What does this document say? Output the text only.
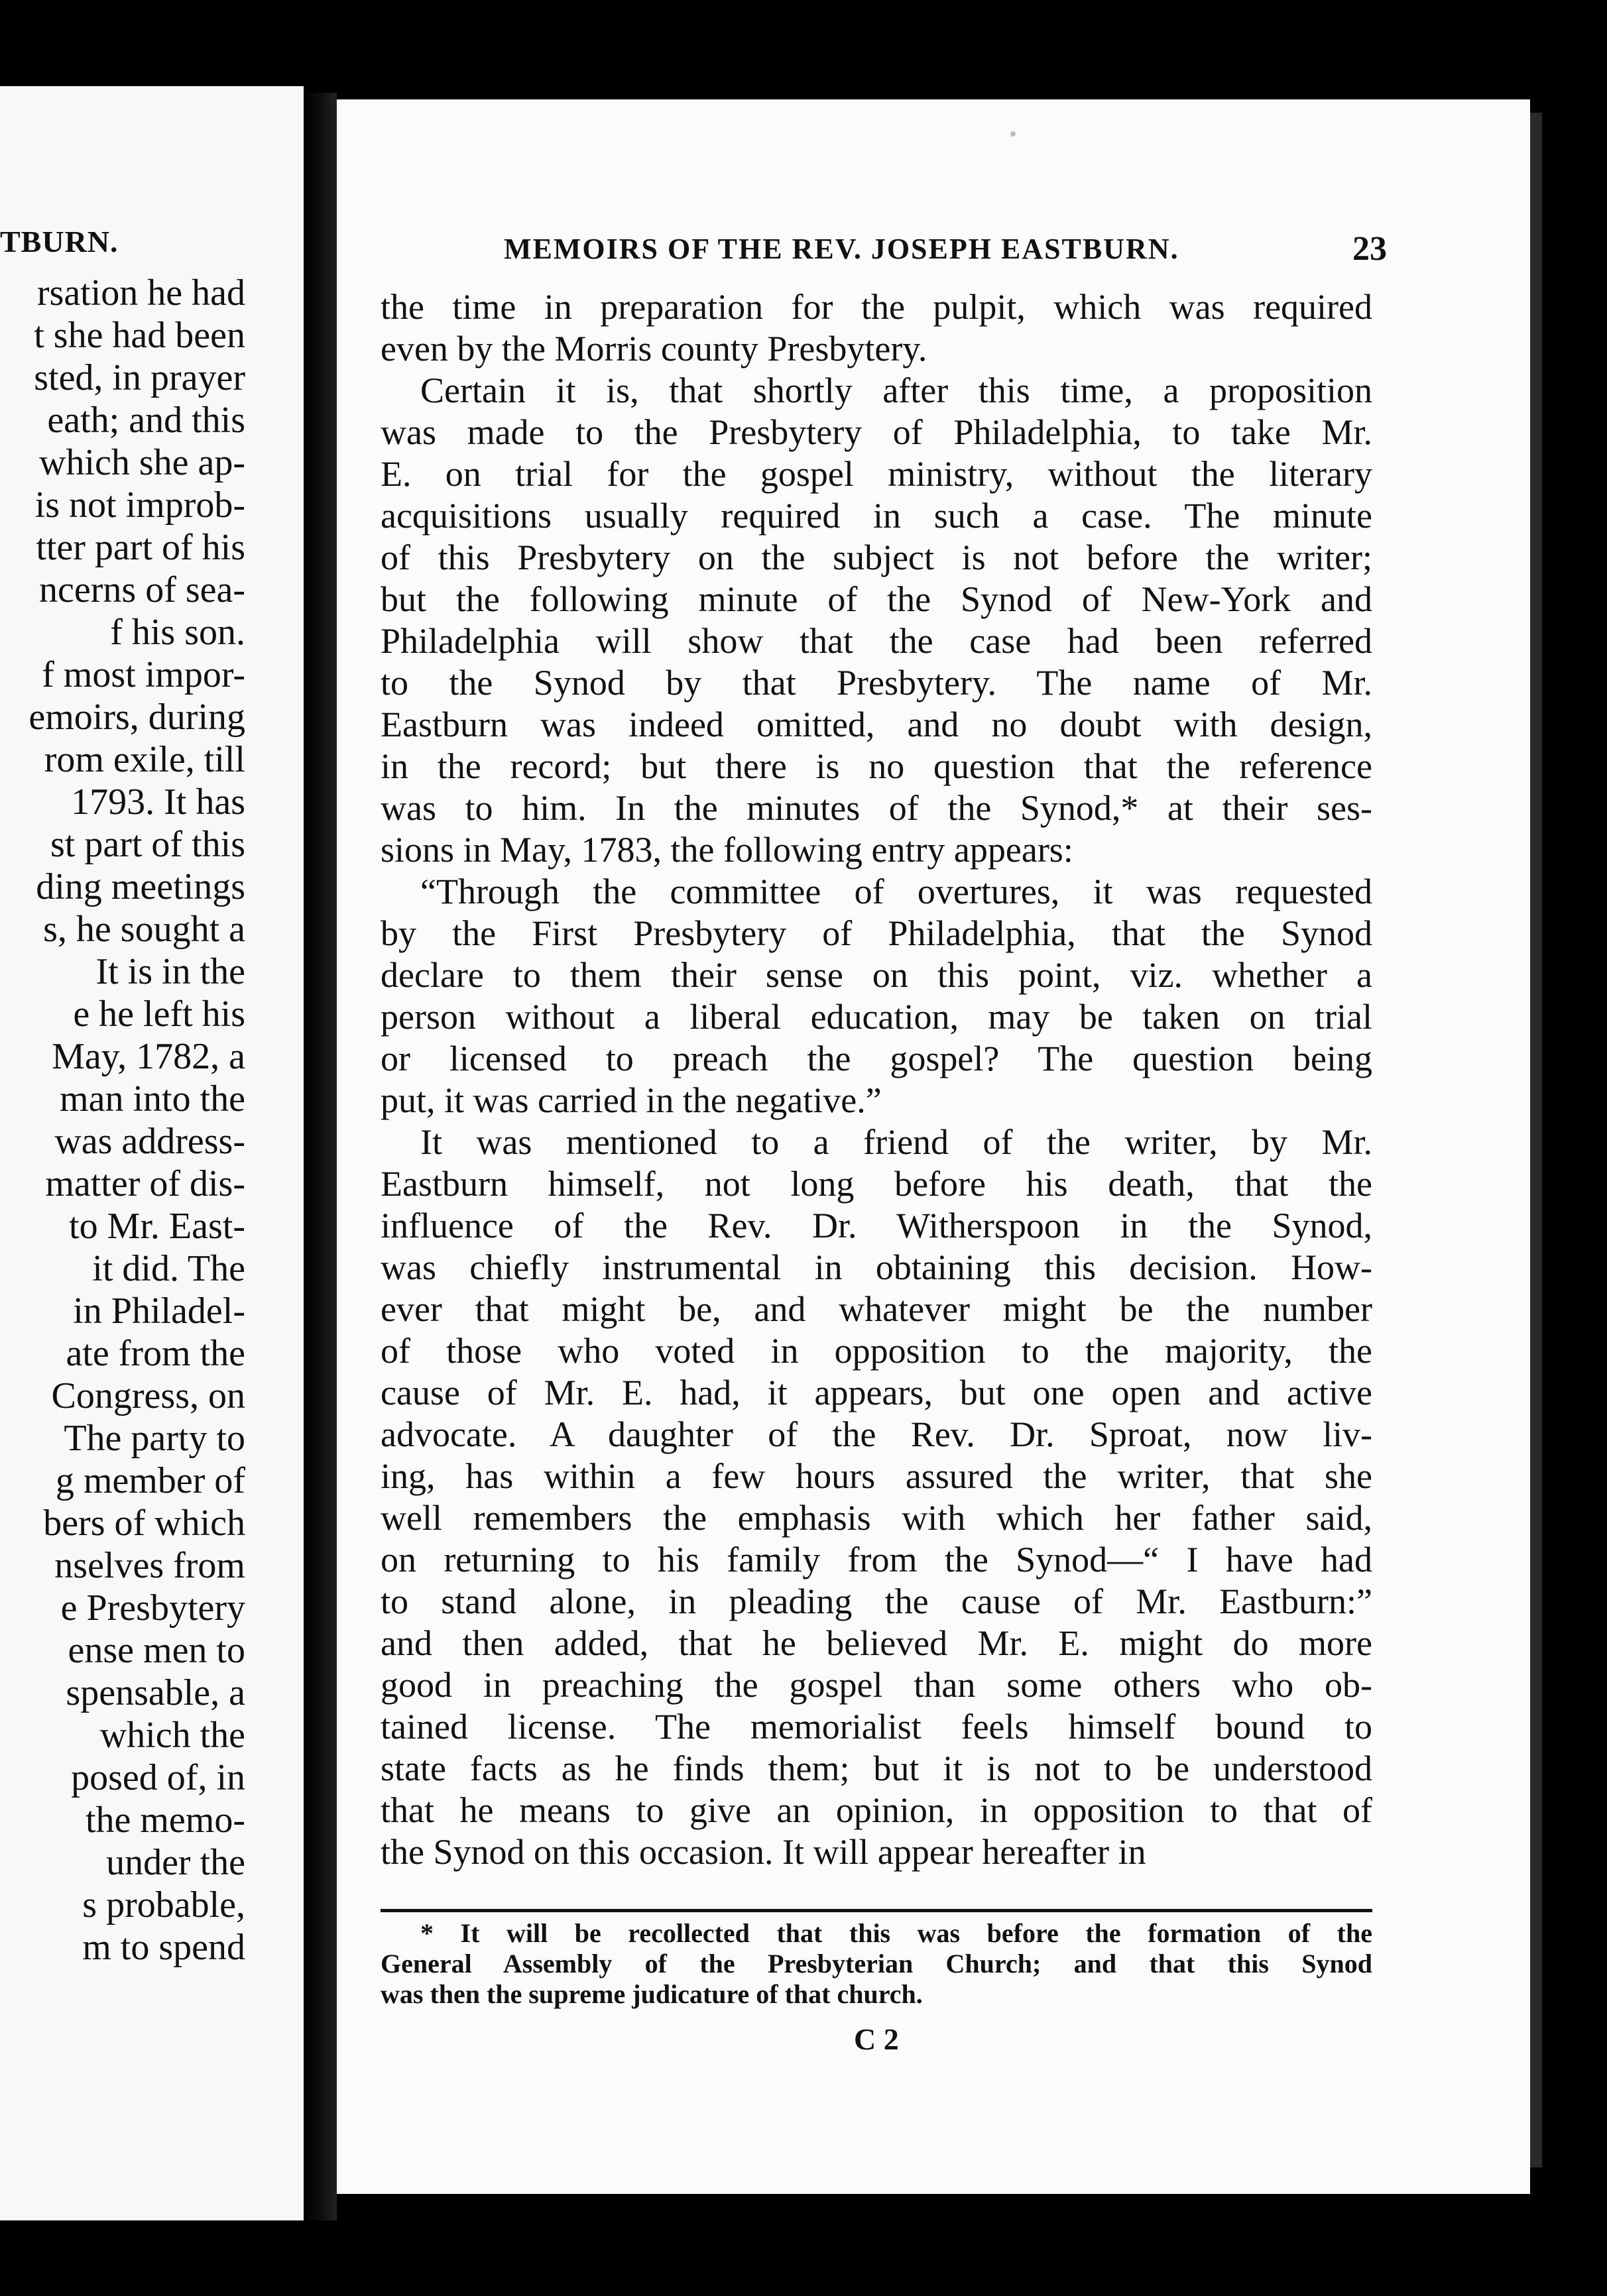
TBURN.
rsation he had
t she had been
sted, in prayer
eath; and this
which she ap-
is not improb-
tter part of his
ncerns of sea-
f his son.
f most impor-
emoirs, during
rom exile, till
1793. It has
st part of this
ding meetings
s, he sought a
It is in the
e he left his
May, 1782, a
man into the
was address-
matter of dis-
to Mr. East-
it did. The
in Philadel-
ate from the
Congress, on
The party to
g member of
bers of which
nselves from
e Presbytery
ense men to
spensable, a
which the
posed of, in
the memo-
under the
s probable,
m to spend
MEMOIRS OF THE REV. JOSEPH EASTBURN.	23
the time in preparation for the pulpit, which was required
even by the Morris county Presbytery.
Certain it is, that shortly after this time, a proposition
was made to the Presbytery of Philadelphia, to take Mr.
E. on trial for the gospel ministry, without the literary
acquisitions usually required in such a case. The minute
of this Presbytery on the subject is not before the writer;
but the following minute of the Synod of New-York and
Philadelphia will show that the case had been referred
to the Synod by that Presbytery. The name of Mr.
Eastburn was indeed omitted, and no doubt with design,
in the record; but there is no question that the reference
was to him. In the minutes of the Synod,* at their ses-
sions in May, 1783, the following entry appears:
“Through the committee of overtures, it was requested
by the First Presbytery of Philadelphia, that the Synod
declare to them their sense on this point, viz. whether a
person without a liberal education, may be taken on trial
or licensed to preach the gospel? The question being
put, it was carried in the negative.”
It was mentioned to a friend of the writer, by Mr.
Eastburn himself, not long before his death, that the
influence of the Rev. Dr. Witherspoon in the Synod,
was chiefly instrumental in obtaining this decision. How-
ever that might be, and whatever might be the number
of those who voted in opposition to the majority, the
cause of Mr. E. had, it appears, but one open and active
advocate. A daughter of the Rev. Dr. Sproat, now liv-
ing, has within a few hours assured the writer, that she
well remembers the emphasis with which her father said,
on returning to his family from the Synod—“ I have had
to stand alone, in pleading the cause of Mr. Eastburn:”
and then added, that he believed Mr. E. might do more
good in preaching the gospel than some others who ob-
tained license. The memorialist feels himself bound to
state facts as he finds them; but it is not to be understood
that he means to give an opinion, in opposition to that of
the Synod on this occasion. It will appear hereafter in
* It will be recollected that this was before the formation of the
General Assembly of the Presbyterian Church; and that this Synod
was then the supreme judicature of that church.
C 2
